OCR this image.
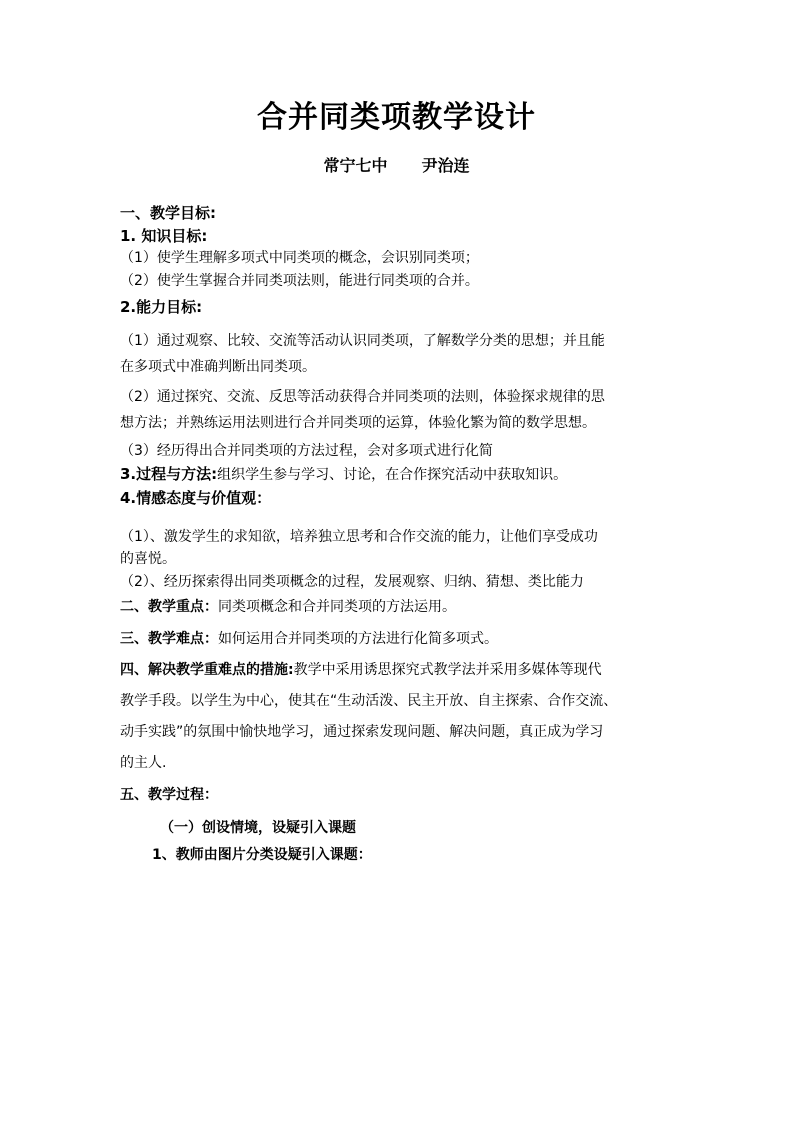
合并同类项教学设计
常宁七中 尹治连
一、教学目标:
1. 知识目标:
（1）使学生理解多项式中同类项的概念，会识别同类项；
（2）使学生掌握合并同类项法则，能进行同类项的合并。
2.能力目标:
（1）通过观察、比较、交流等活动认识同类项，了解数学分类的思想；并且能
在多项式中准确判断出同类项。
（2）通过探究、交流、反思等活动获得合并同类项的法则，体验探求规律的思
想方法；并熟练运用法则进行合并同类项的运算，体验化繁为简的数学思想。
（3）经历得出合并同类项的方法过程，会对多项式进行化简
3.过程与方法:组织学生参与学习、讨论，在合作探究活动中获取知识。
4.情感态度与价值观：
（1）、激发学生的求知欲，培养独立思考和合作交流的能力，让他们享受成功
的喜悦。
（2）、经历探索得出同类项概念的过程，发展观察、归纳、猜想、类比能力
二、教学重点：同类项概念和合并同类项的方法运用。
三、教学难点：如何运用合并同类项的方法进行化简多项式。
四、解决教学重难点的措施:教学中采用诱思探究式教学法并采用多媒体等现代
教学手段。以学生为中心，使其在“生动活泼、民主开放、自主探索、合作交流、
动手实践”的氛围中愉快地学习，通过探索发现问题、解决问题，真正成为学习
的主人.
五、教学过程：
（一）创设情境，设疑引入课题
1、教师由图片分类设疑引入课题：
